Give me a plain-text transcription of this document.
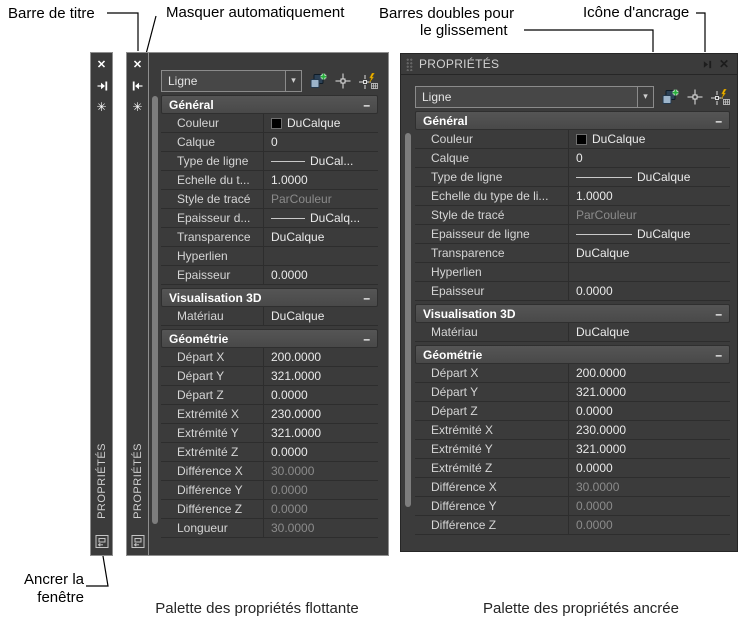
Barre de titre	Masquer automatiquement Barres doubles pour
le glissement
Icône d'ancrage
Ancrer la
fenêtre
✕
✳
PROPRIÉTÉS
✕
✳
PROPRIÉTÉS
Ligne	▾
Général	–
Couleur	DuCalque
Calque	0
Type de ligne	DuCal...
Echelle du t...	1.0000
Style de tracé	ParCouleur
Epaisseur d...	DuCalq...
Transparence	DuCalque
Hyperlien
Epaisseur	0.0000
Visualisation 3D	–
Matériau	DuCalque
Géométrie	–
Départ X	200.0000
Départ Y	321.0000
Départ Z	0.0000
Extrémité X	230.0000
Extrémité Y	321.0000
Extrémité Z	0.0000
Différence X	30.0000
Différence Y	0.0000
Différence Z	0.0000
Longueur	30.0000
PROPRIÉTÉS	✕
Ligne	▾
Général	–
Couleur	DuCalque
Calque	0
Type de ligne	DuCalque
Echelle du type de li...	1.0000
Style de tracé	ParCouleur
Epaisseur de ligne	DuCalque
Transparence	DuCalque
Hyperlien
Epaisseur	0.0000
Visualisation 3D	–
Matériau	DuCalque
Géométrie	–
Départ X	200.0000
Départ Y	321.0000
Départ Z	0.0000
Extrémité X	230.0000
Extrémité Y	321.0000
Extrémité Z	0.0000
Différence X	30.0000
Différence Y	0.0000
Différence Z	0.0000
Palette des propriétés flottante	Palette des propriétés ancrée
